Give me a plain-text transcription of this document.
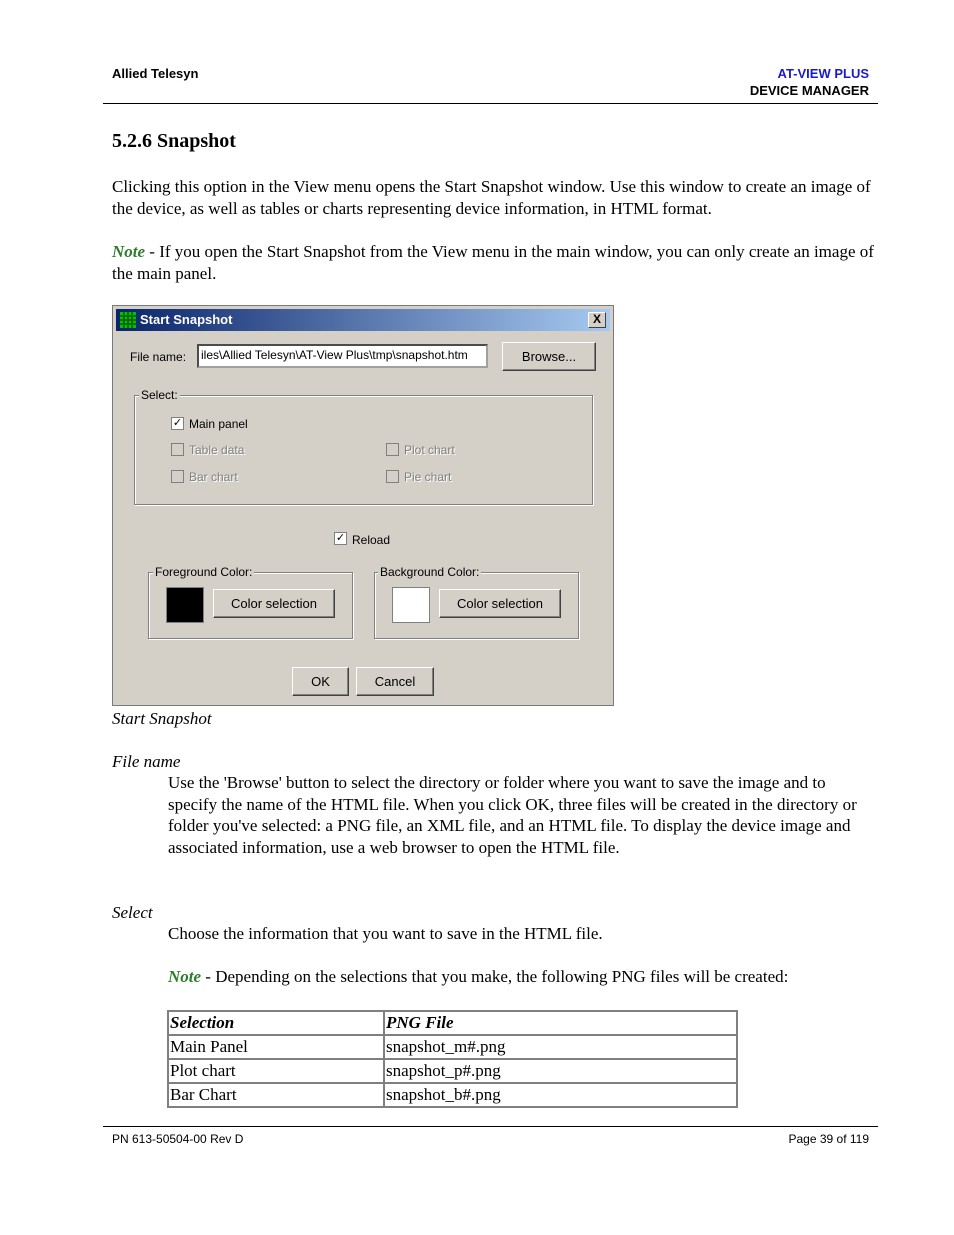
Allied Telesyn	AT-VIEW PLUS
DEVICE MANAGER
5.2.6 Snapshot
Clicking this option in the View menu opens the Start Snapshot window. Use this window to create an image of the device, as well as tables or charts representing device information, in HTML format.
Note - If you open the Start Snapshot from the View menu in the main window, you can only create an image of the main panel.
Start Snapshot	X
File name:	iles\Allied Telesyn\AT-View Plus\tmp\snapshot.htm	Browse...
Select:
✓ Main panel
Table data
Bar chart
Plot chart
Pie chart
✓ Reload
Foreground Color:
Color selection
Background Color:
Color selection
OK	Cancel
Start Snapshot
File name
Use the 'Browse' button to select the directory or folder where you want to save the image and to specify the name of the HTML file. When you click OK, three files will be created in the directory or folder you've selected: a PNG file, an XML file, and an HTML file. To display the device image and associated information, use a web browser to open the HTML file.
Select
Choose the information that you want to save in the HTML file.
Note - Depending on the selections that you make, the following PNG files will be created:
Selection	PNG File
Main Panel	snapshot_m#.png
Plot chart	snapshot_p#.png
Bar Chart	snapshot_b#.png
PN 613-50504-00 Rev D	Page 39 of 119
